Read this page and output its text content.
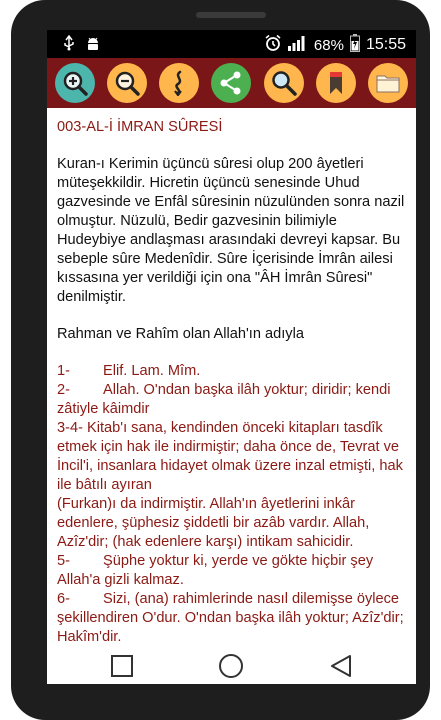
68% 15:55

003-AL-İ İMRAN SÛRESİ

Kuran-ı Kerimin üçüncü sûresi olup 200 âyetleri müteşekkildir. Hicretin üçüncü senesinde Uhud gazvesinde ve Enfâl sûresinin nüzulünden sonra nazil olmuştur. Nüzulü, Bedir gazvesinin bilimiyle Hudeybiye andlaşması arasındaki devreyi kapsar. Bu sebeple sûre Medenîdir. Sûre İçerisinde İmrân ailesi kıssasına yer verildiği için ona "ÂH İmrân Sûresi" denilmiştir.

Rahman ve Rahîm olan Allah'ın adıyla

1- Elif. Lam. Mîm.

2- Allah. O'ndan başka ilâh yoktur; diridir; kendi zâtiyle kâimdir

3-4- Kitab'ı sana, kendinden önceki kitapları tasdîk etmek için hak ile indirmiştir; daha önce de, Tevrat ve İncil'i, insanlara hidayet olmak üzere inzal etmişti, hak ile bâtılı ayıran

(Furkan)ı da indirmiştir. Allah'ın âyetlerini inkâr edenlere, şüphesiz şiddetli bir azâb vardır. Allah, Azîz'dir; (hak edenlere karşı) intikam sahicidir.

5- Şüphe yoktur ki, yerde ve gökte hiçbir şey Allah'a gizli kalmaz.

6- Sizi, (ana) rahimlerinde nasıl dilemişse öylece şekillendiren O'dur. O'ndan başka ilâh yoktur; Azîz'dir; Hakîm'dir.
